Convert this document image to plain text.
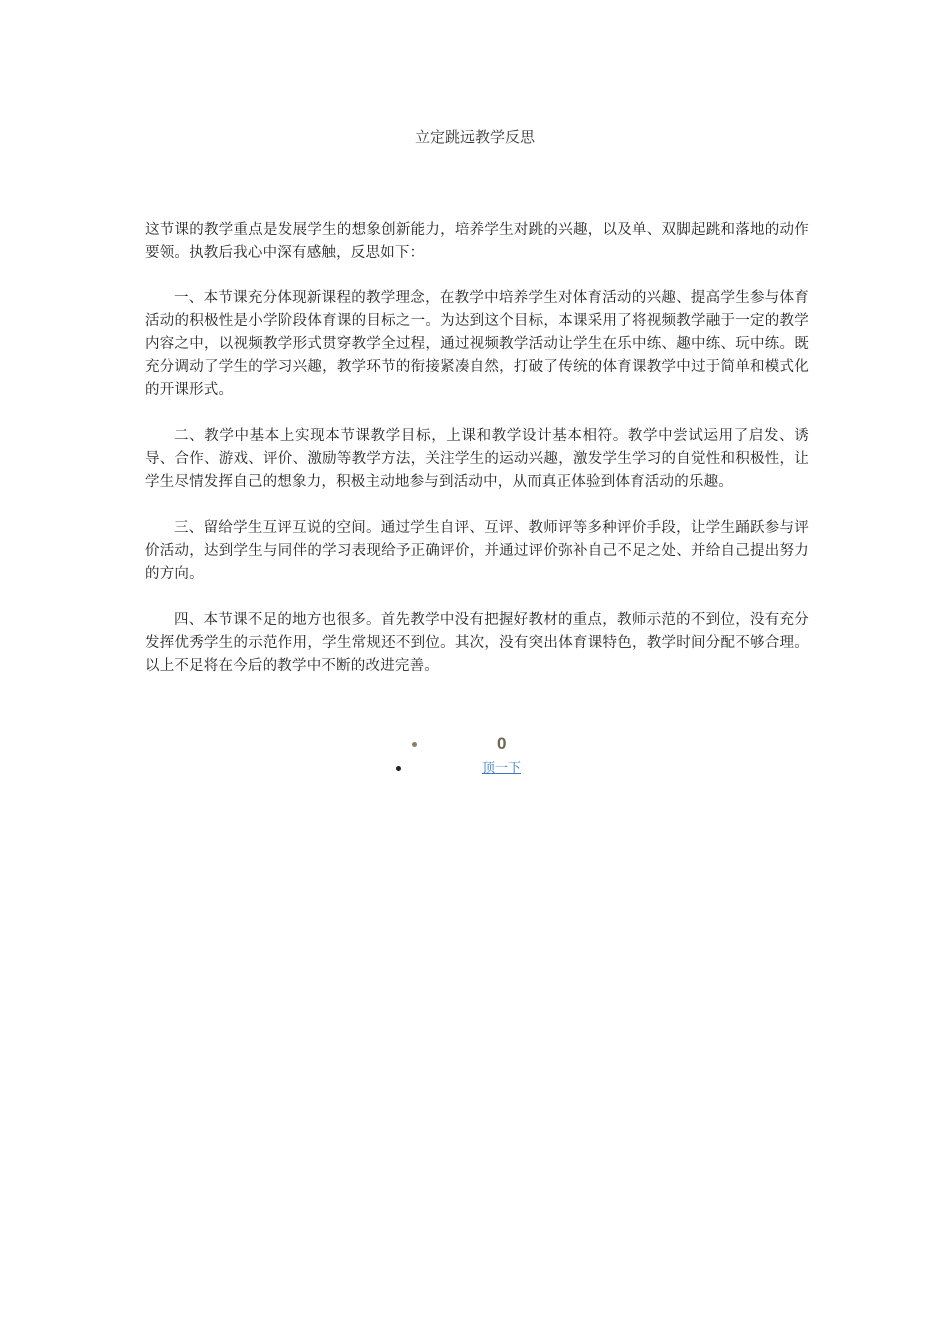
立定跳远教学反思

这节课的教学重点是发展学生的想象创新能力，培养学生对跳的兴趣，以及单、双脚起跳和落地的动作要领。执教后我心中深有感触，反思如下：

一、本节课充分体现新课程的教学理念，在教学中培养学生对体育活动的兴趣、提高学生参与体育活动的积极性是小学阶段体育课的目标之一。为达到这个目标，本课采用了将视频教学融于一定的教学内容之中，以视频教学形式贯穿教学全过程，通过视频教学活动让学生在乐中练、趣中练、玩中练。既充分调动了学生的学习兴趣，教学环节的衔接紧凑自然，打破了传统的体育课教学中过于简单和模式化的开课形式。

二、教学中基本上实现本节课教学目标，上课和教学设计基本相符。教学中尝试运用了启发、诱导、合作、游戏、评价、激励等教学方法，关注学生的运动兴趣，激发学生学习的自觉性和积极性，让学生尽情发挥自己的想象力，积极主动地参与到活动中，从而真正体验到体育活动的乐趣。

三、留给学生互评互说的空间。通过学生自评、互评、教师评等多种评价手段，让学生踊跃参与评价活动，达到学生与同伴的学习表现给予正确评价，并通过评价弥补自己不足之处、并给自己提出努力的方向。

四、本节课不足的地方也很多。首先教学中没有把握好教材的重点，教师示范的不到位，没有充分发挥优秀学生的示范作用，学生常规还不到位。其次，没有突出体育课特色，教学时间分配不够合理。以上不足将在今后的教学中不断的改进完善。

0
顶一下
